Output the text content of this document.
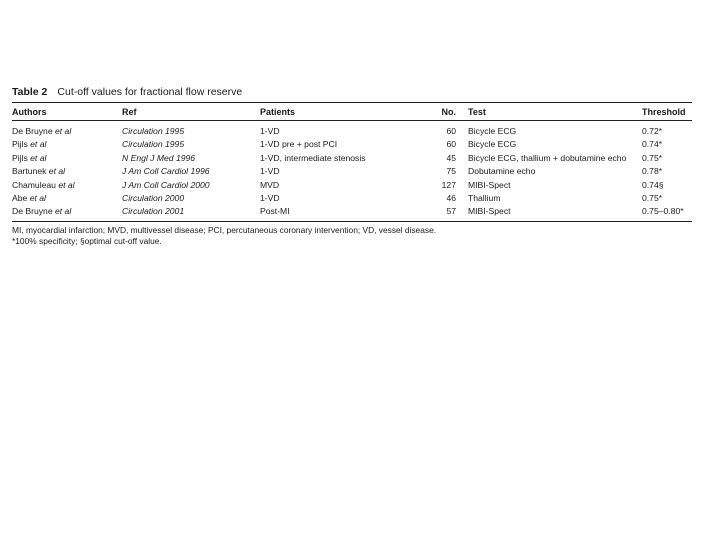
Table 2 Cut-off values for fractional flow reserve
Authors	Ref	Patients	No. Test	Threshold
De Bruyne et al	Circulation 1995	1-VD	60 Bicycle ECG	0.72*
Pijls et al	Circulation 1995	1-VD pre + post PCI	60 Bicycle ECG	0.74*
Pijls et al	N Engl J Med 1996	1-VD, intermediate stenosis	45 Bicycle ECG, thallium + dobutamine echo 0.75*
Bartunek et al	J Am Coll Cardiol 1996	1-VD	75 Dobutamine echo	0.78*
Chamuleau et al	J Am Coll Cardiol 2000	MVD	127 MIBI-Spect	0.74§
Abe et al	Circulation 2000	1-VD	46 Thallium	0.75*
De Bruyne et al	Circulation 2001	Post-MI	57 MIBI-Spect	0.75–0.80*
MI, myocardial infarction; MVD, multivessel disease; PCI, percutaneous coronary intervention; VD, vessel disease.
*100% specificity; §optimal cut-off value.
